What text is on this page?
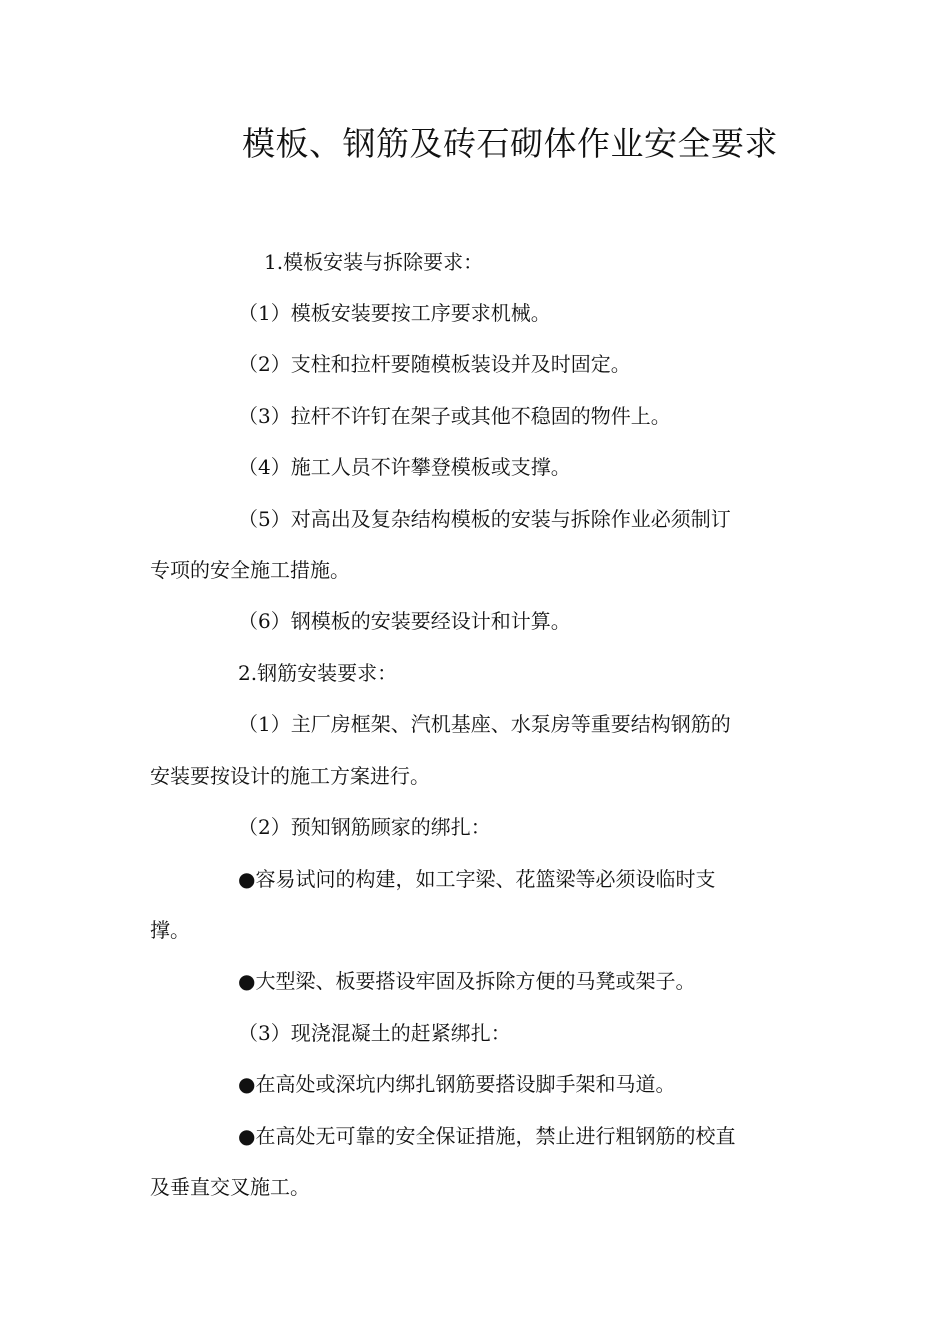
模板、钢筋及砖石砌体作业安全要求
1.模板安装与拆除要求：
（1）模板安装要按工序要求机械。
（2）支柱和拉杆要随模板装设并及时固定。
（3）拉杆不许钉在架子或其他不稳固的物件上。
（4）施工人员不许攀登模板或支撑。
（5）对高出及复杂结构模板的安装与拆除作业必须制订
专项的安全施工措施。
（6）钢模板的安装要经设计和计算。
2.钢筋安装要求：
（1）主厂房框架、汽机基座、水泵房等重要结构钢筋的
安装要按设计的施工方案进行。
（2）预知钢筋顾家的绑扎：
●容易试问的构建，如工字梁、花篮梁等必须设临时支
撑。
●大型梁、板要搭设牢固及拆除方便的马凳或架子。
（3）现浇混凝土的赶紧绑扎：
●在高处或深坑内绑扎钢筋要搭设脚手架和马道。
●在高处无可靠的安全保证措施，禁止进行粗钢筋的校直
及垂直交叉施工。
